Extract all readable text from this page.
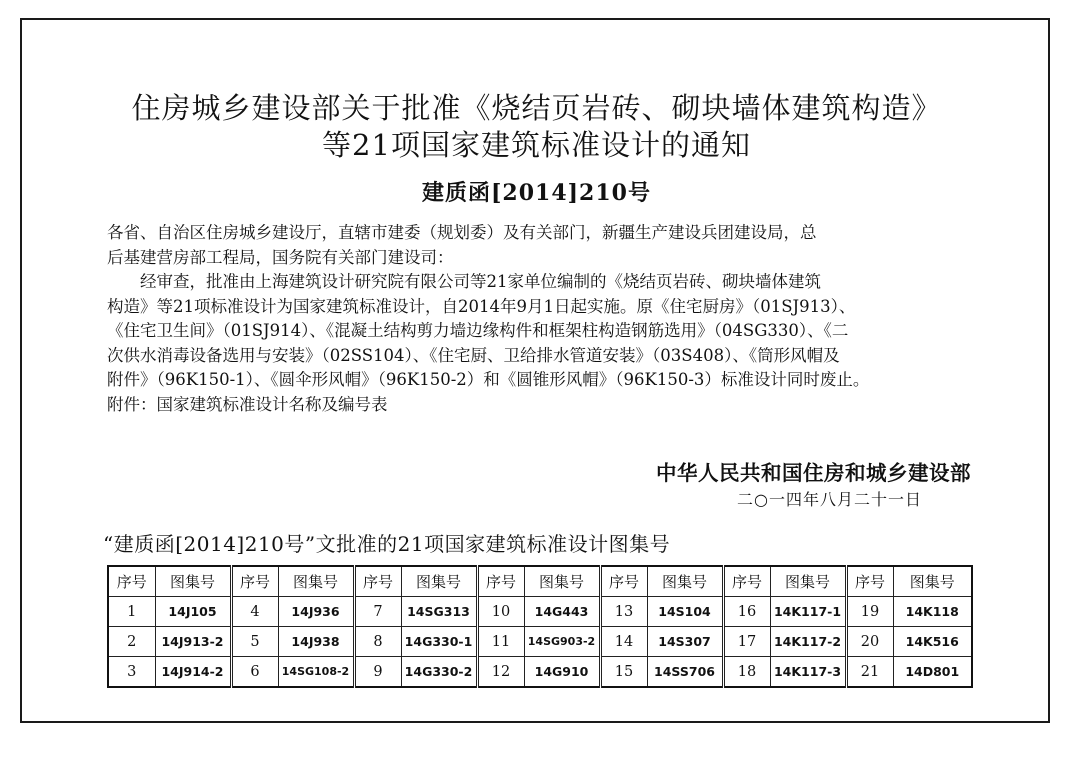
住房城乡建设部关于批准《烧结页岩砖、砌块墙体建筑构造》
等21项国家建筑标准设计的通知
建质函[2014]210号
各省、自治区住房城乡建设厅，直辖市建委（规划委）及有关部门，新疆生产建设兵团建设局，总
后基建营房部工程局，国务院有关部门建设司：
　　经审查，批准由上海建筑设计研究院有限公司等21家单位编制的《烧结页岩砖、砌块墙体建筑
构造》等21项标准设计为国家建筑标准设计，自2014年9月1日起实施。原《住宅厨房》（01SJ913）、
《住宅卫生间》（01SJ914）、《混凝土结构剪力墙边缘构件和框架柱构造钢筋选用》（04SG330）、《二
次供水消毒设备选用与安装》（02SS104）、《住宅厨、卫给排水管道安装》（03S408）、《筒形风帽及
附件》（96K150-1）、《圆伞形风帽》（96K150-2）和《圆锥形风帽》（96K150-3）标准设计同时废止。
附件：国家建筑标准设计名称及编号表
中华人民共和国住房和城乡建设部
二○一四年八月二十一日
“建质函[2014]210号”文批准的21项国家建筑标准设计图集号
序号	图集号	序号	图集号	序号	图集号	序号	图集号	序号	图集号	序号	图集号	序号	图集号
1	14J105	4	14J936	7	14SG313	10	14G443	13	14S104	16	14K117-1	19	14K118
2	14J913-2	5	14J938	8	14G330-1	11	14SG903-2	14	14S307	17	14K117-2	20	14K516
3	14J914-2	6	14SG108-2	9	14G330-2	12	14G910	15	14SS706	18	14K117-3	21	14D801
